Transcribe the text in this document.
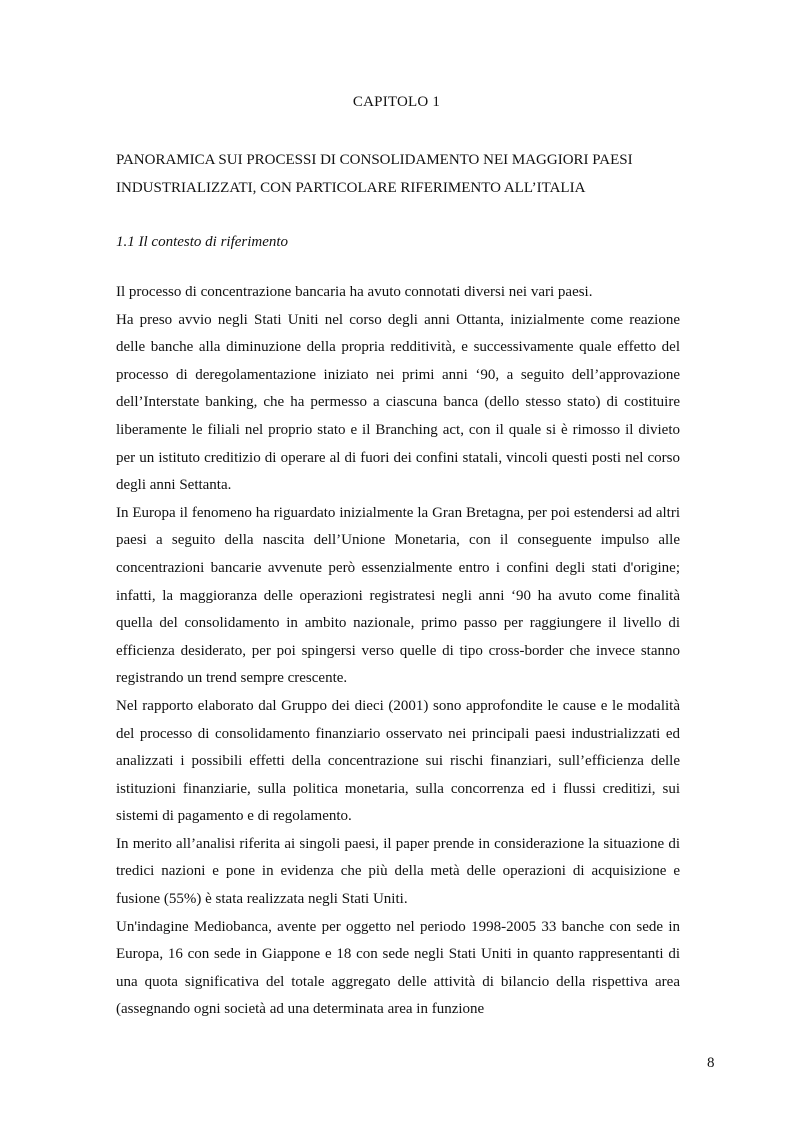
CAPITOLO 1
PANORAMICA SUI PROCESSI DI CONSOLIDAMENTO NEI MAGGIORI PAESI
INDUSTRIALIZZATI, CON PARTICOLARE RIFERIMENTO ALL’ITALIA
1.1 Il contesto di riferimento

Il processo di concentrazione bancaria ha avuto connotati diversi nei vari paesi.

Ha preso avvio negli Stati Uniti nel corso degli anni Ottanta, inizialmente come reazione delle banche alla diminuzione della propria redditività, e successivamente quale effetto del processo di deregolamentazione iniziato nei primi anni ‘90, a seguito dell’approvazione dell’Interstate banking, che ha permesso a ciascuna banca (dello stesso stato) di costituire liberamente le filiali nel proprio stato e il Branching act, con il quale si è rimosso il divieto per un istituto creditizio di operare al di fuori dei confini statali, vincoli questi posti nel corso degli anni Settanta.

In Europa il fenomeno ha riguardato inizialmente la Gran Bretagna, per poi estendersi ad altri paesi a seguito della nascita dell’Unione Monetaria, con il conseguente impulso alle concentrazioni bancarie avvenute però essenzialmente entro i confini degli stati d'origine; infatti, la maggioranza delle operazioni registratesi negli anni ‘90 ha avuto come finalità quella del consolidamento in ambito nazionale, primo passo per raggiungere il livello di efficienza desiderato, per poi spingersi verso quelle di tipo cross-border che invece stanno registrando un trend sempre crescente.

Nel rapporto elaborato dal Gruppo dei dieci (2001) sono approfondite le cause e le modalità del processo di consolidamento finanziario osservato nei principali paesi industrializzati ed analizzati i possibili effetti della concentrazione sui rischi finanziari, sull’efficienza delle istituzioni finanziarie, sulla politica monetaria, sulla concorrenza ed i flussi creditizi, sui sistemi di pagamento e di regolamento.

In merito all’analisi riferita ai singoli paesi, il paper prende in considerazione la situazione di tredici nazioni e pone in evidenza che più della metà delle operazioni di acquisizione e fusione (55%) è stata realizzata negli Stati Uniti.

Un'indagine Mediobanca, avente per oggetto nel periodo 1998-2005 33 banche con sede in Europa, 16 con sede in Giappone e 18 con sede negli Stati Uniti in quanto rappresentanti di una quota significativa del totale aggregato delle attività di bilancio della rispettiva area (assegnando ogni società ad una determinata area in funzione

8
